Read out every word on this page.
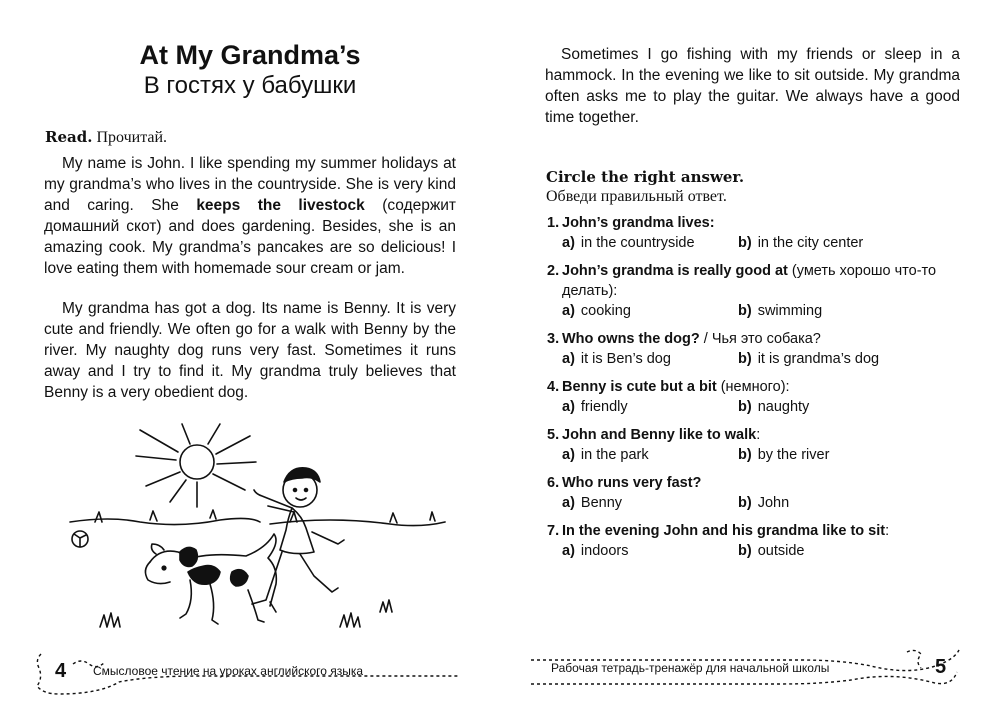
At My Grandma’s
В гостях у бабушки
Read. Прочитай.

My name is John. I like spending my summer holidays at my grandma’s who lives in the countryside. She is very kind and caring. She keeps the livestock (содержит домашний скот) and does gardening. Besides, she is an amazing cook. My grandma’s pancakes are so delicious! I love eating them with homemade sour cream or jam.

My grandma has got a dog. Its name is Benny. It is very cute and friendly. We often go for a walk with Benny by the river. My naughty dog runs very fast. Sometimes it runs away and I try to find it. My grandma truly believes that Benny is a very obedient dog.

4 Смысловое чтение на уроках английского языка

Sometimes I go fishing with my friends or sleep in a hammock. In the evening we like to sit outside. My grandma often asks me to play the guitar. We always have a good time together.

Circle the right answer.
Обведи правильный ответ.
1. John’s grandma lives:
a) in the countryside	b) in the city center
2. John’s grandma is really good at (уметь хорошо что-то делать):
a) cooking	b) swimming
3. Who owns the dog? / Чья это собака?
a) it is Ben’s dog	b) it is grandma’s dog
4. Benny is cute but a bit (немного):
a) friendly	b) naughty
5. John and Benny like to walk:
a) in the park	b) by the river
6. Who runs very fast?
a) Benny	b) John
7. In the evening John and his grandma like to sit:
a) indoors	b) outside
Рабочая тетрадь-тренажёр для начальной школы	5
